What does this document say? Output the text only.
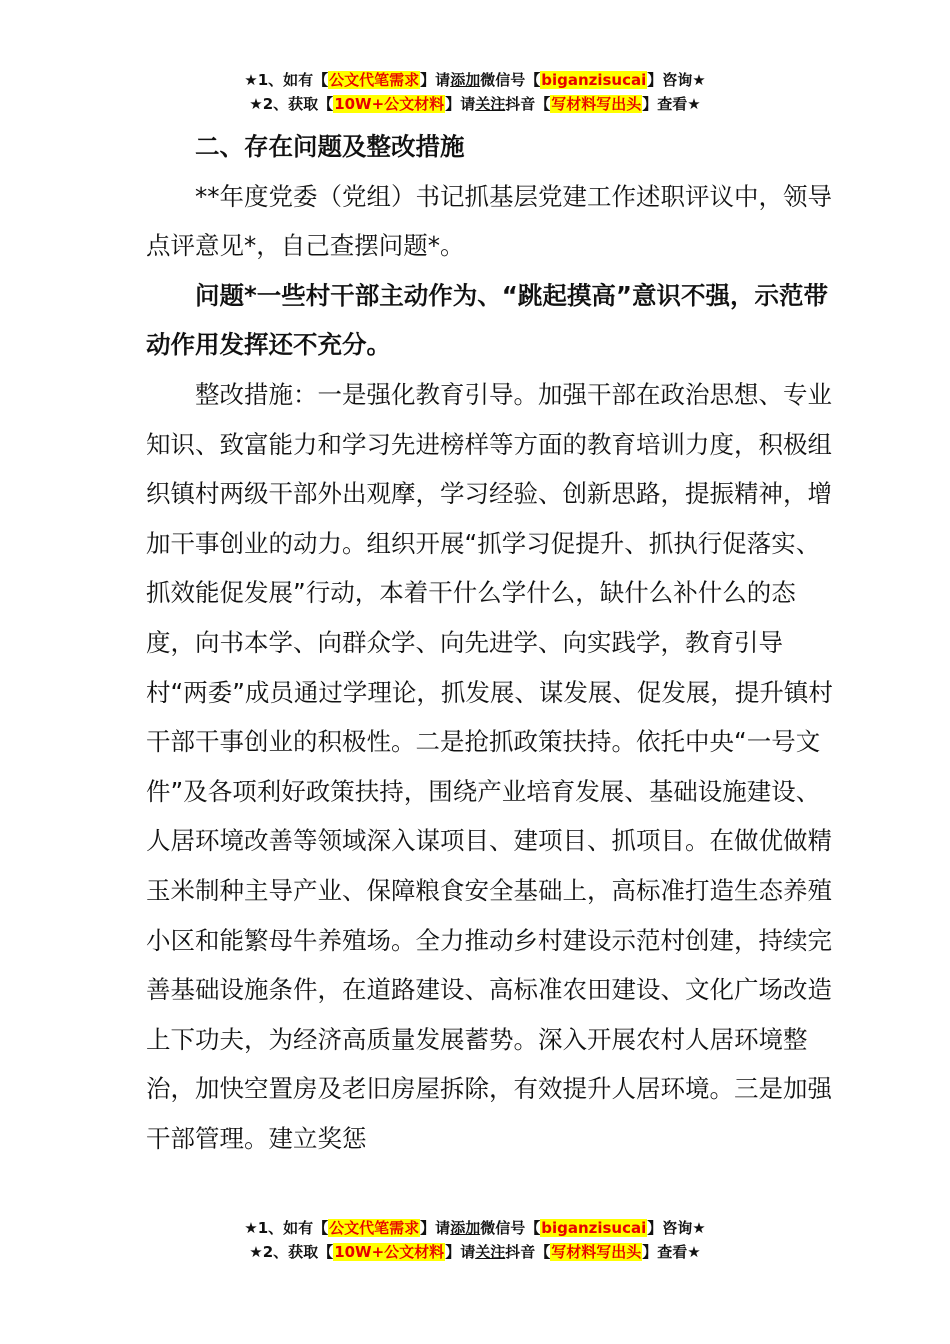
★1、如有【公文代笔需求】请添加微信号【biganzisucai】咨询★
★2、获取【10W+公文材料】请关注抖音【写材料写出头】查看★

二、存在问题及整改措施

**年度党委（党组）书记抓基层党建工作述职评议中，领导点评意见*，自己查摆问题*。

问题*一些村干部主动作为、“跳起摸高”意识不强，示范带动作用发挥还不充分。

整改措施：一是强化教育引导。加强干部在政治思想、专业知识、致富能力和学习先进榜样等方面的教育培训力度，积极组织镇村两级干部外出观摩，学习经验、创新思路，提振精神，增加干事创业的动力。组织开展“抓学习促提升、抓执行促落实、抓效能促发展”行动，本着干什么学什么，缺什么补什么的态度，向书本学、向群众学、向先进学、向实践学，教育引导村“两委”成员通过学理论，抓发展、谋发展、促发展，提升镇村干部干事创业的积极性。二是抢抓政策扶持。依托中央“一号文件”及各项利好政策扶持，围绕产业培育发展、基础设施建设、人居环境改善等领域深入谋项目、建项目、抓项目。在做优做精玉米制种主导产业、保障粮食安全基础上，高标准打造生态养殖小区和能繁母牛养殖场。全力推动乡村建设示范村创建，持续完善基础设施条件，在道路建设、高标准农田建设、文化广场改造上下功夫，为经济高质量发展蓄势。深入开展农村人居环境整治，加快空置房及老旧房屋拆除，有效提升人居环境。三是加强干部管理。建立奖惩

★1、如有【公文代笔需求】请添加微信号【biganzisucai】咨询★
★2、获取【10W+公文材料】请关注抖音【写材料写出头】查看★
